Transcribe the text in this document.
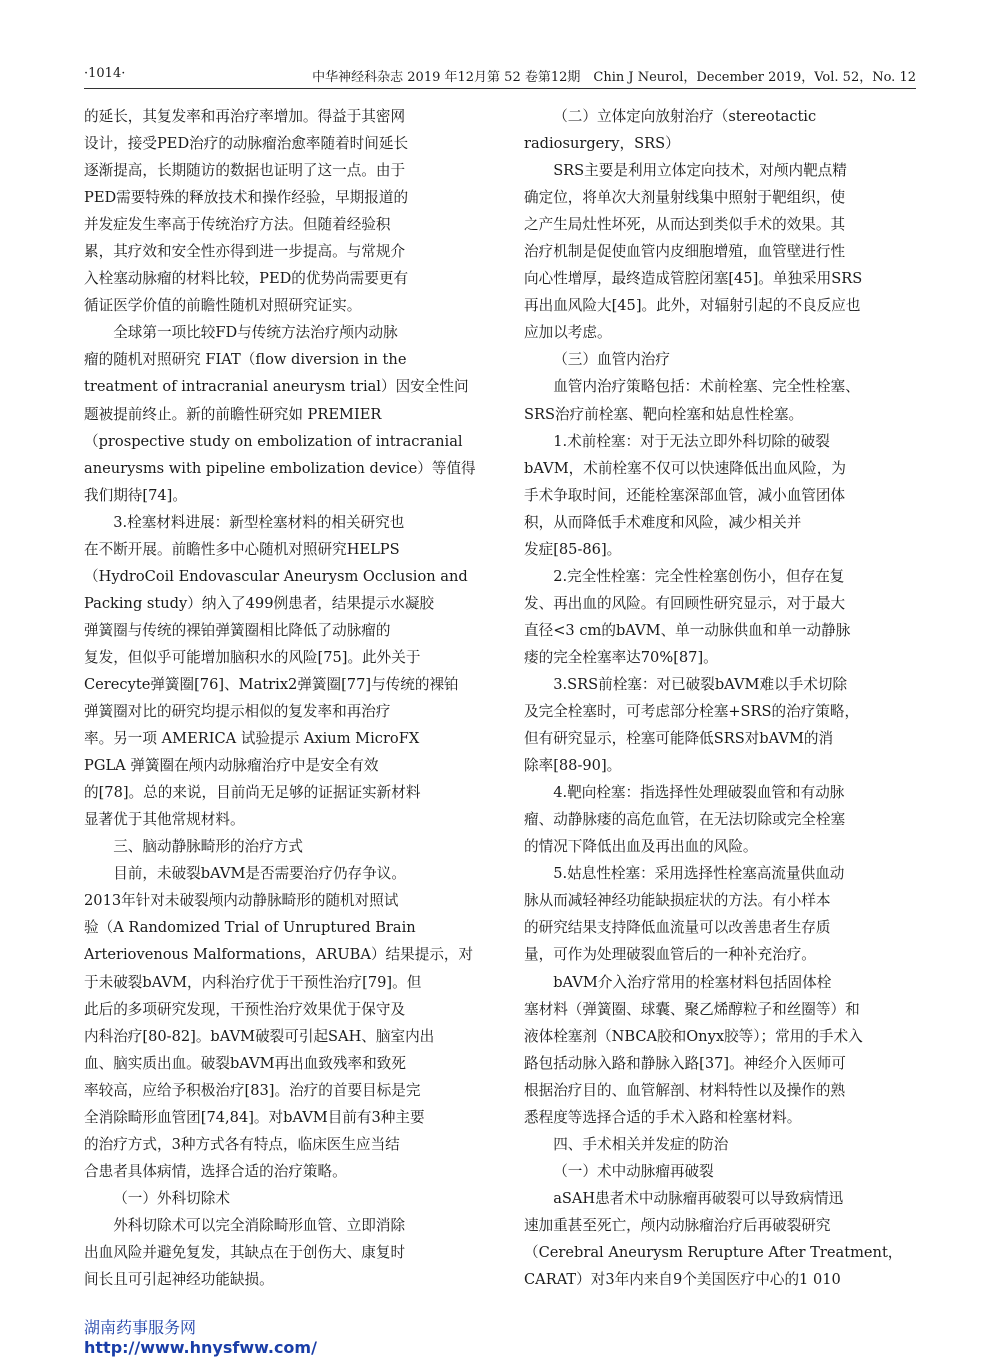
·1014·	中华神经科杂志 2019 年12月第 52 卷第12期　Chin J Neurol，December 2019，Vol. 52，No. 12

的延长，其复发率和再治疗率增加。得益于其密网

设计，接受PED治疗的动脉瘤治愈率随着时间延长

逐渐提高，长期随访的数据也证明了这一点。由于

PED需要特殊的释放技术和操作经验，早期报道的

并发症发生率高于传统治疗方法。但随着经验积

累，其疗效和安全性亦得到进一步提高。与常规介

入栓塞动脉瘤的材料比较，PED的优势尚需要更有

循证医学价值的前瞻性随机对照研究证实。

全球第一项比较FD与传统方法治疗颅内动脉

瘤的随机对照研究 FIAT（flow diversion in the

treatment of intracranial aneurysm trial）因安全性问

题被提前终止。新的前瞻性研究如 PREMIER

（prospective study on embolization of intracranial

aneurysms with pipeline embolization device）等值得

我们期待[74]。

3.栓塞材料进展：新型栓塞材料的相关研究也

在不断开展。前瞻性多中心随机对照研究HELPS

（HydroCoil Endovascular Aneurysm Occlusion and

Packing study）纳入了499例患者，结果提示水凝胶

弹簧圈与传统的裸铂弹簧圈相比降低了动脉瘤的

复发，但似乎可能增加脑积水的风险[75]。此外关于

Cerecyte弹簧圈[76]、Matrix2弹簧圈[77]与传统的裸铂

弹簧圈对比的研究均提示相似的复发率和再治疗

率。另一项 AMERICA 试验提示 Axium MicroFX

PGLA 弹簧圈在颅内动脉瘤治疗中是安全有效

的[78]。总的来说，目前尚无足够的证据证实新材料

显著优于其他常规材料。

三、脑动静脉畸形的治疗方式

目前，未破裂bAVM是否需要治疗仍存争议。

2013年针对未破裂颅内动静脉畸形的随机对照试

验（A Randomized Trial of Unruptured Brain

Arteriovenous Malformations，ARUBA）结果提示，对

于未破裂bAVM，内科治疗优于干预性治疗[79]。但

此后的多项研究发现，干预性治疗效果优于保守及

内科治疗[80-82]。bAVM破裂可引起SAH、脑室内出

血、脑实质出血。破裂bAVM再出血致残率和致死

率较高，应给予积极治疗[83]。治疗的首要目标是完

全消除畸形血管团[74,84]。对bAVM目前有3种主要

的治疗方式，3种方式各有特点，临床医生应当结

合患者具体病情，选择合适的治疗策略。

（一）外科切除术

外科切除术可以完全消除畸形血管、立即消除

出血风险并避免复发，其缺点在于创伤大、康复时

间长且可引起神经功能缺损。

（二）立体定向放射治疗（stereotactic

radiosurgery，SRS）

SRS主要是利用立体定向技术，对颅内靶点精

确定位，将单次大剂量射线集中照射于靶组织，使

之产生局灶性坏死，从而达到类似手术的效果。其

治疗机制是促使血管内皮细胞增殖，血管壁进行性

向心性增厚，最终造成管腔闭塞[45]。单独采用SRS

再出血风险大[45]。此外，对辐射引起的不良反应也

应加以考虑。

（三）血管内治疗

血管内治疗策略包括：术前栓塞、完全性栓塞、

SRS治疗前栓塞、靶向栓塞和姑息性栓塞。

1.术前栓塞：对于无法立即外科切除的破裂

bAVM，术前栓塞不仅可以快速降低出血风险，为

手术争取时间，还能栓塞深部血管，减小血管团体

积，从而降低手术难度和风险，减少相关并

发症[85-86]。

2.完全性栓塞：完全性栓塞创伤小，但存在复

发、再出血的风险。有回顾性研究显示，对于最大

直径<3 cm的bAVM、单一动脉供血和单一动静脉

瘘的完全栓塞率达70%[87]。

3.SRS前栓塞：对已破裂bAVM难以手术切除

及完全栓塞时，可考虑部分栓塞+SRS的治疗策略，

但有研究显示，栓塞可能降低SRS对bAVM的消

除率[88-90]。

4.靶向栓塞：指选择性处理破裂血管和有动脉

瘤、动静脉瘘的高危血管，在无法切除或完全栓塞

的情况下降低出血及再出血的风险。

5.姑息性栓塞：采用选择性栓塞高流量供血动

脉从而减轻神经功能缺损症状的方法。有小样本

的研究结果支持降低血流量可以改善患者生存质

量，可作为处理破裂血管后的一种补充治疗。

bAVM介入治疗常用的栓塞材料包括固体栓

塞材料（弹簧圈、球囊、聚乙烯醇粒子和丝圈等）和

液体栓塞剂（NBCA胶和Onyx胶等）；常用的手术入

路包括动脉入路和静脉入路[37]。神经介入医师可

根据治疗目的、血管解剖、材料特性以及操作的熟

悉程度等选择合适的手术入路和栓塞材料。

四、手术相关并发症的防治

（一）术中动脉瘤再破裂

aSAH患者术中动脉瘤再破裂可以导致病情迅

速加重甚至死亡，颅内动脉瘤治疗后再破裂研究

（Cerebral Aneurysm Rerupture After Treatment，

CARAT）对3年内来自9个美国医疗中心的1 010

湖南药事服务网
http://www.hnysfww.com/
